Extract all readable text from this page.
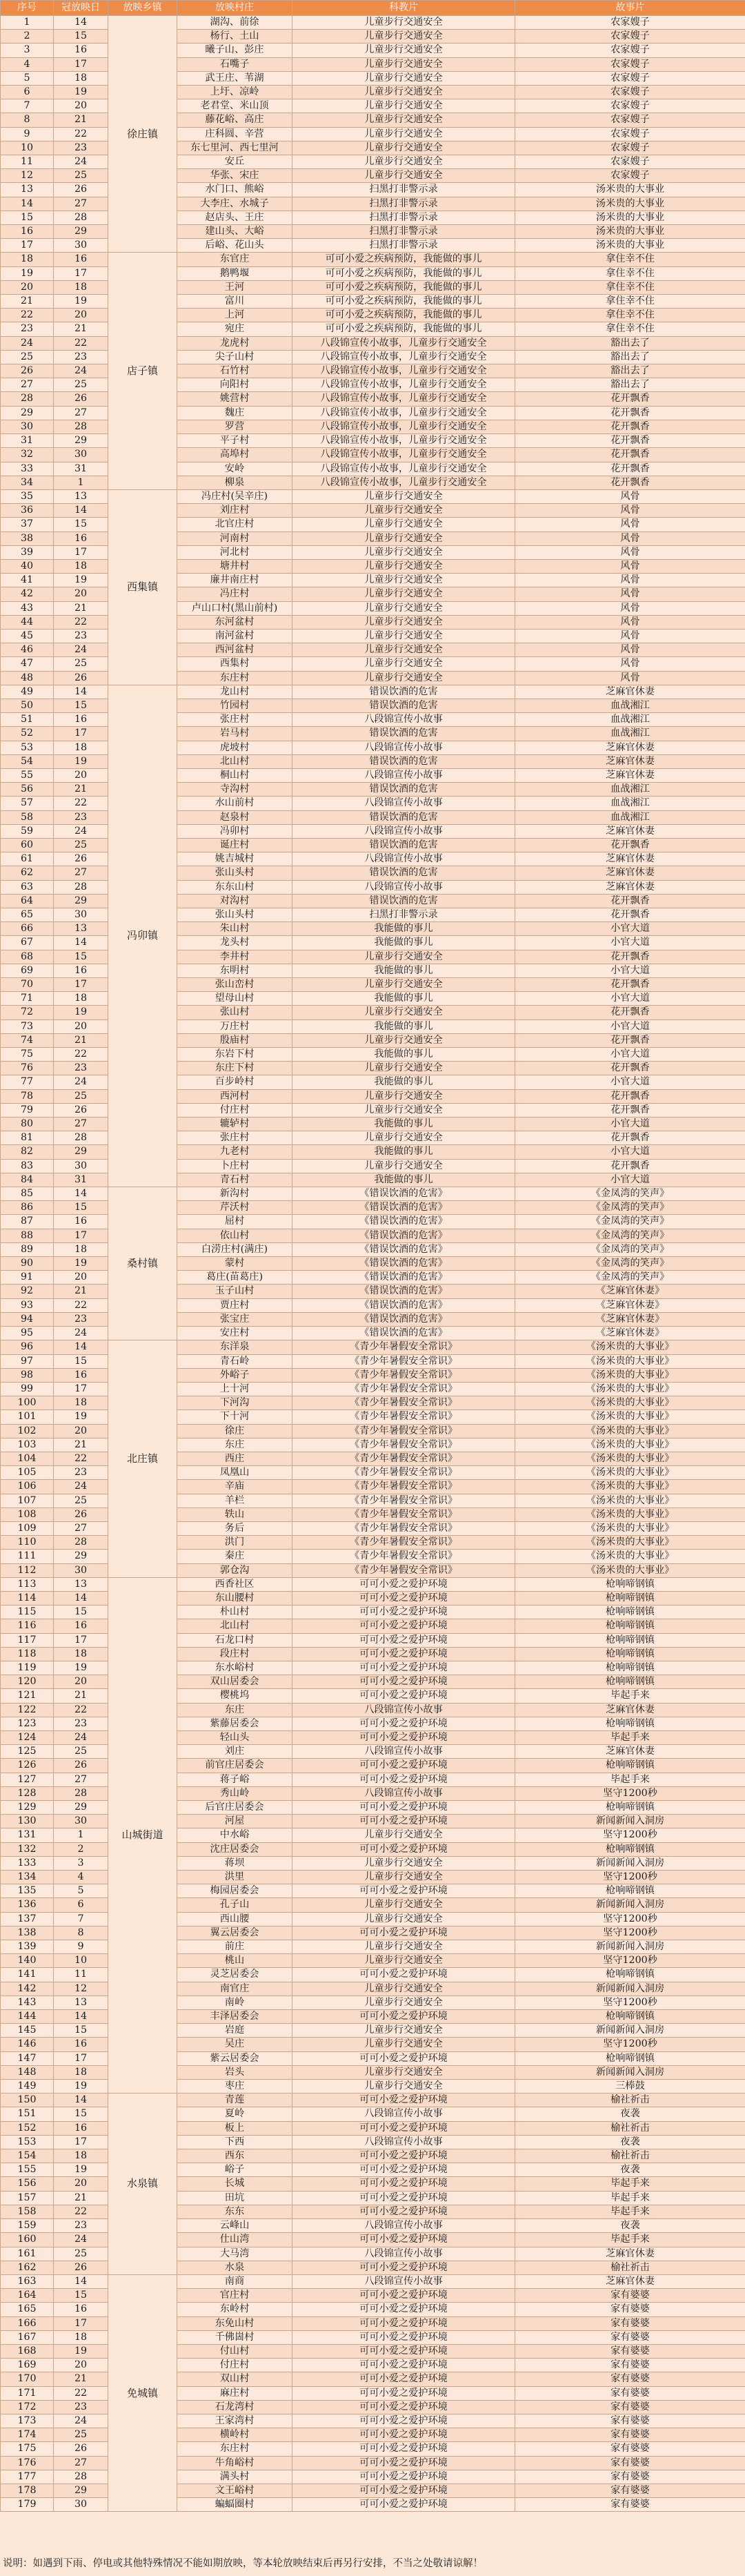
序号	冠放映日	放映乡镇	放映村庄	科教片	故事片
1	14	徐庄镇	湖沟、前徐	儿童步行交通安全	农家嫂子
2	15		杨行、土山	儿童步行交通安全	农家嫂子
3	16		曦子山、彭庄	儿童步行交通安全	农家嫂子
4	17		石嘴子	儿童步行交通安全	农家嫂子
5	18		武王庄、苇湖	儿童步行交通安全	农家嫂子
6	19		上圩、凉岭	儿童步行交通安全	农家嫂子
7	20		老君堂、米山顶	儿童步行交通安全	农家嫂子
8	21		藤花峪、高庄	儿童步行交通安全	农家嫂子
9	22		庄科圆、辛营	儿童步行交通安全	农家嫂子
10	23		东七里河、西七里河	儿童步行交通安全	农家嫂子
11	24		安丘	儿童步行交通安全	农家嫂子
12	25		华张、宋庄	儿童步行交通安全	农家嫂子
13	26		水门口、熊峪	扫黑打非警示录	汤米贵的大事业
14	27		大李庄、水城子	扫黑打非警示录	汤米贵的大事业
15	28		赵店头、王庄	扫黑打非警示录	汤米贵的大事业
16	29		建山头、大峪	扫黑打非警示录	汤米贵的大事业
17	30		后峪、花山头	扫黑打非警示录	汤米贵的大事业
18	16	店子镇	东官庄	可可小爱之疾病预防，我能做的事儿	拿住幸不住
19	17		鹅鸭堰	可可小爱之疾病预防，我能做的事儿	拿住幸不住
20	18		王河	可可小爱之疾病预防，我能做的事儿	拿住幸不住
21	19		富川	可可小爱之疾病预防，我能做的事儿	拿住幸不住
22	20		上河	可可小爱之疾病预防，我能做的事儿	拿住幸不住
23	21		宛庄	可可小爱之疾病预防，我能做的事儿	拿住幸不住
24	22		龙虎村	八段锦宣传小故事，儿童步行交通安全	豁出去了
25	23		尖子山村	八段锦宣传小故事，儿童步行交通安全	豁出去了
26	24		石竹村	八段锦宣传小故事，儿童步行交通安全	豁出去了
27	25		向阳村	八段锦宣传小故事，儿童步行交通安全	豁出去了
28	26		姚营村	八段锦宣传小故事，儿童步行交通安全	花开飘香
29	27		魏庄	八段锦宣传小故事，儿童步行交通安全	花开飘香
30	28		罗营	八段锦宣传小故事，儿童步行交通安全	花开飘香
31	29		平子村	八段锦宣传小故事，儿童步行交通安全	花开飘香
32	30		高埠村	八段锦宣传小故事，儿童步行交通安全	花开飘香
33	31		安岭	八段锦宣传小故事，儿童步行交通安全	花开飘香
34	1		柳泉	八段锦宣传小故事，儿童步行交通安全	花开飘香
35	13	西集镇	冯庄村(吴辛庄)	儿童步行交通安全	风骨
36	14		刘庄村	儿童步行交通安全	风骨
37	15		北官庄村	儿童步行交通安全	风骨
38	16		河南村	儿童步行交通安全	风骨
39	17		河北村	儿童步行交通安全	风骨
40	18		塘井村	儿童步行交通安全	风骨
41	19		廉井南庄村	儿童步行交通安全	风骨
42	20		冯庄村	儿童步行交通安全	风骨
43	21		卢山口村(黑山前村)	儿童步行交通安全	风骨
44	22		东河盆村	儿童步行交通安全	风骨
45	23		南河盆村	儿童步行交通安全	风骨
46	24		西河盆村	儿童步行交通安全	风骨
47	25		西集村	儿童步行交通安全	风骨
48	26		东庄村	儿童步行交通安全	风骨
49	14	冯卯镇	龙山村	错误饮酒的危害	芝麻官休妻
50	15		竹园村	错误饮酒的危害	血战湘江
51	16		张庄村	八段锦宣传小故事	血战湘江
52	17		岩马村	错误饮酒的危害	血战湘江
53	18		虎坡村	八段锦宣传小故事	芝麻官休妻
54	19		北山村	错误饮酒的危害	芝麻官休妻
55	20		桐山村	八段锦宣传小故事	芝麻官休妻
56	21		寺沟村	错误饮酒的危害	血战湘江
57	22		水山前村	八段锦宣传小故事	血战湘江
58	23		赵泉村	错误饮酒的危害	血战湘江
59	24		冯卯村	八段锦宣传小故事	芝麻官休妻
60	25		诞庄村	错误饮酒的危害	花开飘香
61	26		姚吉城村	八段锦宣传小故事	芝麻官休妻
62	27		张山头村	错误饮酒的危害	芝麻官休妻
63	28		东东山村	八段锦宣传小故事	芝麻官休妻
64	29		对沟村	错误饮酒的危害	花开飘香
65	30		张山头村	扫黑打非警示录	花开飘香
66	13		朱山村	我能做的事儿	小官大道
67	14		龙头村	我能做的事儿	小官大道
68	15		李井村	儿童步行交通安全	花开飘香
69	16		东明村	我能做的事儿	小官大道
70	17		张山峦村	儿童步行交通安全	花开飘香
71	18		望母山村	我能做的事儿	小官大道
72	19		张山村	儿童步行交通安全	花开飘香
73	20		万庄村	我能做的事儿	小官大道
74	21		殷庙村	儿童步行交通安全	花开飘香
75	22		东岩下村	我能做的事儿	小官大道
76	23		东庄下村	儿童步行交通安全	花开飘香
77	24		百步岭村	我能做的事儿	小官大道
78	25		西河村	儿童步行交通安全	花开飘香
79	26		付庄村	儿童步行交通安全	花开飘香
80	27		辘轳村	我能做的事儿	小官大道
81	28		张庄村	儿童步行交通安全	花开飘香
82	29		九老村	我能做的事儿	小官大道
83	30		卜庄村	儿童步行交通安全	花开飘香
84	31		青石村	我能做的事儿	小官大道
85	14	桑村镇	新沟村	《错误饮酒的危害》	《金凤湾的笑声》
86	15		芹沃村	《错误饮酒的危害》	《金凤湾的笑声》
87	16		屈村	《错误饮酒的危害》	《金凤湾的笑声》
88	17		依山村	《错误饮酒的危害》	《金凤湾的笑声》
89	18		白涝庄村(满庄)	《错误饮酒的危害》	《金凤湾的笑声》
90	19		蒙村	《错误饮酒的危害》	《金凤湾的笑声》
91	20		葛庄(苗葛庄)	《错误饮酒的危害》	《金凤湾的笑声》
92	21		玉子山村	《错误饮酒的危害》	《芝麻官休妻》
93	22		贾庄村	《错误饮酒的危害》	《芝麻官休妻》
94	23		张宝庄	《错误饮酒的危害》	《芝麻官休妻》
95	24		安庄村	《错误饮酒的危害》	《芝麻官休妻》
96	14	北庄镇	东洋泉	《青少年暑假安全常识》	《汤米贵的大事业》
97	15		青石岭	《青少年暑假安全常识》	《汤米贵的大事业》
98	16		外峪子	《青少年暑假安全常识》	《汤米贵的大事业》
99	17		上十河	《青少年暑假安全常识》	《汤米贵的大事业》
100	18		下河沟	《青少年暑假安全常识》	《汤米贵的大事业》
101	19		下十河	《青少年暑假安全常识》	《汤米贵的大事业》
102	20		徐庄	《青少年暑假安全常识》	《汤米贵的大事业》
103	21		东庄	《青少年暑假安全常识》	《汤米贵的大事业》
104	22		西庄	《青少年暑假安全常识》	《汤米贵的大事业》
105	23		凤凰山	《青少年暑假安全常识》	《汤米贵的大事业》
106	24		辛庙	《青少年暑假安全常识》	《汤米贵的大事业》
107	25		羊栏	《青少年暑假安全常识》	《汤米贵的大事业》
108	26		轶山	《青少年暑假安全常识》	《汤米贵的大事业》
109	27		务后	《青少年暑假安全常识》	《汤米贵的大事业》
110	28		洪门	《青少年暑假安全常识》	《汤米贵的大事业》
111	29		秦庄	《青少年暑假安全常识》	《汤米贵的大事业》
112	30		郭仓沟	《青少年暑假安全常识》	《汤米贵的大事业》
113	13	山城街道	西香社区	可可小爱之爱护环境	枪响啼钢镇
114	14		东山腰村	可可小爱之爱护环境	枪响啼钢镇
115	15		朴山村	可可小爱之爱护环境	枪响啼钢镇
116	16		北山村	可可小爱之爱护环境	枪响啼钢镇
117	17		石龙口村	可可小爱之爱护环境	枪响啼钢镇
118	18		段庄村	可可小爱之爱护环境	枪响啼钢镇
119	19		东水峪村	可可小爱之爱护环境	枪响啼钢镇
120	20		双山居委会	可可小爱之爱护环境	枪响啼钢镇
121	21		樱桃坞	可可小爱之爱护环境	毕起手来
122	22		东庄	八段锦宣传小故事	芝麻官休妻
123	23		紫藤居委会	可可小爱之爱护环境	枪响啼钢镇
124	24		轻山头	可可小爱之爱护环境	毕起手来
125	25		刘庄	八段锦宣传小故事	芝麻官休妻
126	26		前官庄居委会	可可小爱之爱护环境	枪响啼钢镇
127	27		蒋子峪	可可小爱之爱护环境	毕起手来
128	28		秀山岭	八段锦宣传小故事	坚守1200秒
129	29		后官庄居委会	可可小爱之爱护环境	枪响啼钢镇
130	30		河屋	可可小爱之爱护环境	新闻新闻入洞房
131	1		中水峪	儿童步行交通安全	坚守1200秒
132	2		沈庄居委会	可可小爱之爱护环境	枪响啼钢镇
133	3		蒋坝	儿童步行交通安全	新闻新闻入洞房
134	4		洪里	儿童步行交通安全	坚守1200秒
135	5		梅园居委会	可可小爱之爱护环境	枪响啼钢镇
136	6		孔子山	儿童步行交通安全	新闻新闻入洞房
137	7		西山腰	儿童步行交通安全	坚守1200秒
138	8		翼云居委会	可可小爱之爱护环境	坚守1200秒
139	9		前庄	儿童步行交通安全	新闻新闻入洞房
140	10		桃山	儿童步行交通安全	坚守1200秒
141	11		灵芝居委会	可可小爱之爱护环境	枪响啼钢镇
142	12		南官庄	儿童步行交通安全	新闻新闻入洞房
143	13		南岭	儿童步行交通安全	坚守1200秒
144	14		丰泽居委会	可可小爱之爱护环境	枪响啼钢镇
145	15		岩庭	儿童步行交通安全	新闻新闻入洞房
146	16		吴庄	儿童步行交通安全	坚守1200秒
147	17		紫云居委会	可可小爱之爱护环境	枪响啼钢镇
148	18		岩头	儿童步行交通安全	新闻新闻入洞房
149	19		枣庄	儿童步行交通安全	三棒鼓
150	14	水泉镇	青莲	可可小爱之爱护环境	榆社祈击
151	15		夏岭	八段锦宣传小故事	夜袭
152	16		板上	可可小爱之爱护环境	榆社祈击
153	17		下西	八段锦宣传小故事	夜袭
154	18		西东	可可小爱之爱护环境	榆社祈击
155	19		峪子	可可小爱之爱护环境	夜袭
156	20		长城	可可小爱之爱护环境	毕起手来
157	21		田坑	可可小爱之爱护环境	毕起手来
158	22		东东	可可小爱之爱护环境	毕起手来
159	23		云峰山	八段锦宣传小故事	夜袭
160	24		仕山湾	可可小爱之爱护环境	毕起手来
161	25		大马湾	八段锦宣传小故事	芝麻官休妻
162	26		水泉	可可小爱之爱护环境	榆社祈击
163	14	免城镇	南商	八段锦宣传小故事	芝麻官休妻
164	15		官庄村	可可小爱之爱护环境	家有婆婆
165	16		东岭村	可可小爱之爱护环境	家有婆婆
166	17		东免山村	可可小爱之爱护环境	家有婆婆
167	18		千佛崮村	可可小爱之爱护环境	家有婆婆
168	19		付山村	可可小爱之爱护环境	家有婆婆
169	20		付庄村	可可小爱之爱护环境	家有婆婆
170	21		双山村	可可小爱之爱护环境	家有婆婆
171	22		麻庄村	可可小爱之爱护环境	家有婆婆
172	23		石龙湾村	可可小爱之爱护环境	家有婆婆
173	24		王家湾村	可可小爱之爱护环境	家有婆婆
174	25		横岭村	可可小爱之爱护环境	家有婆婆
175	26		东庄村	可可小爱之爱护环境	家有婆婆
176	27		牛角峪村	可可小爱之爱护环境	家有婆婆
177	28		满头村	可可小爱之爱护环境	家有婆婆
178	29		文王峪村	可可小爱之爱护环境	家有婆婆
179	30		蝙蝠圈村	可可小爱之爱护环境	家有婆婆
说明：如遇到下雨、停电或其他特殊情况不能如期放映，等本轮放映结束后再另行安排，不当之处敬请谅解！
